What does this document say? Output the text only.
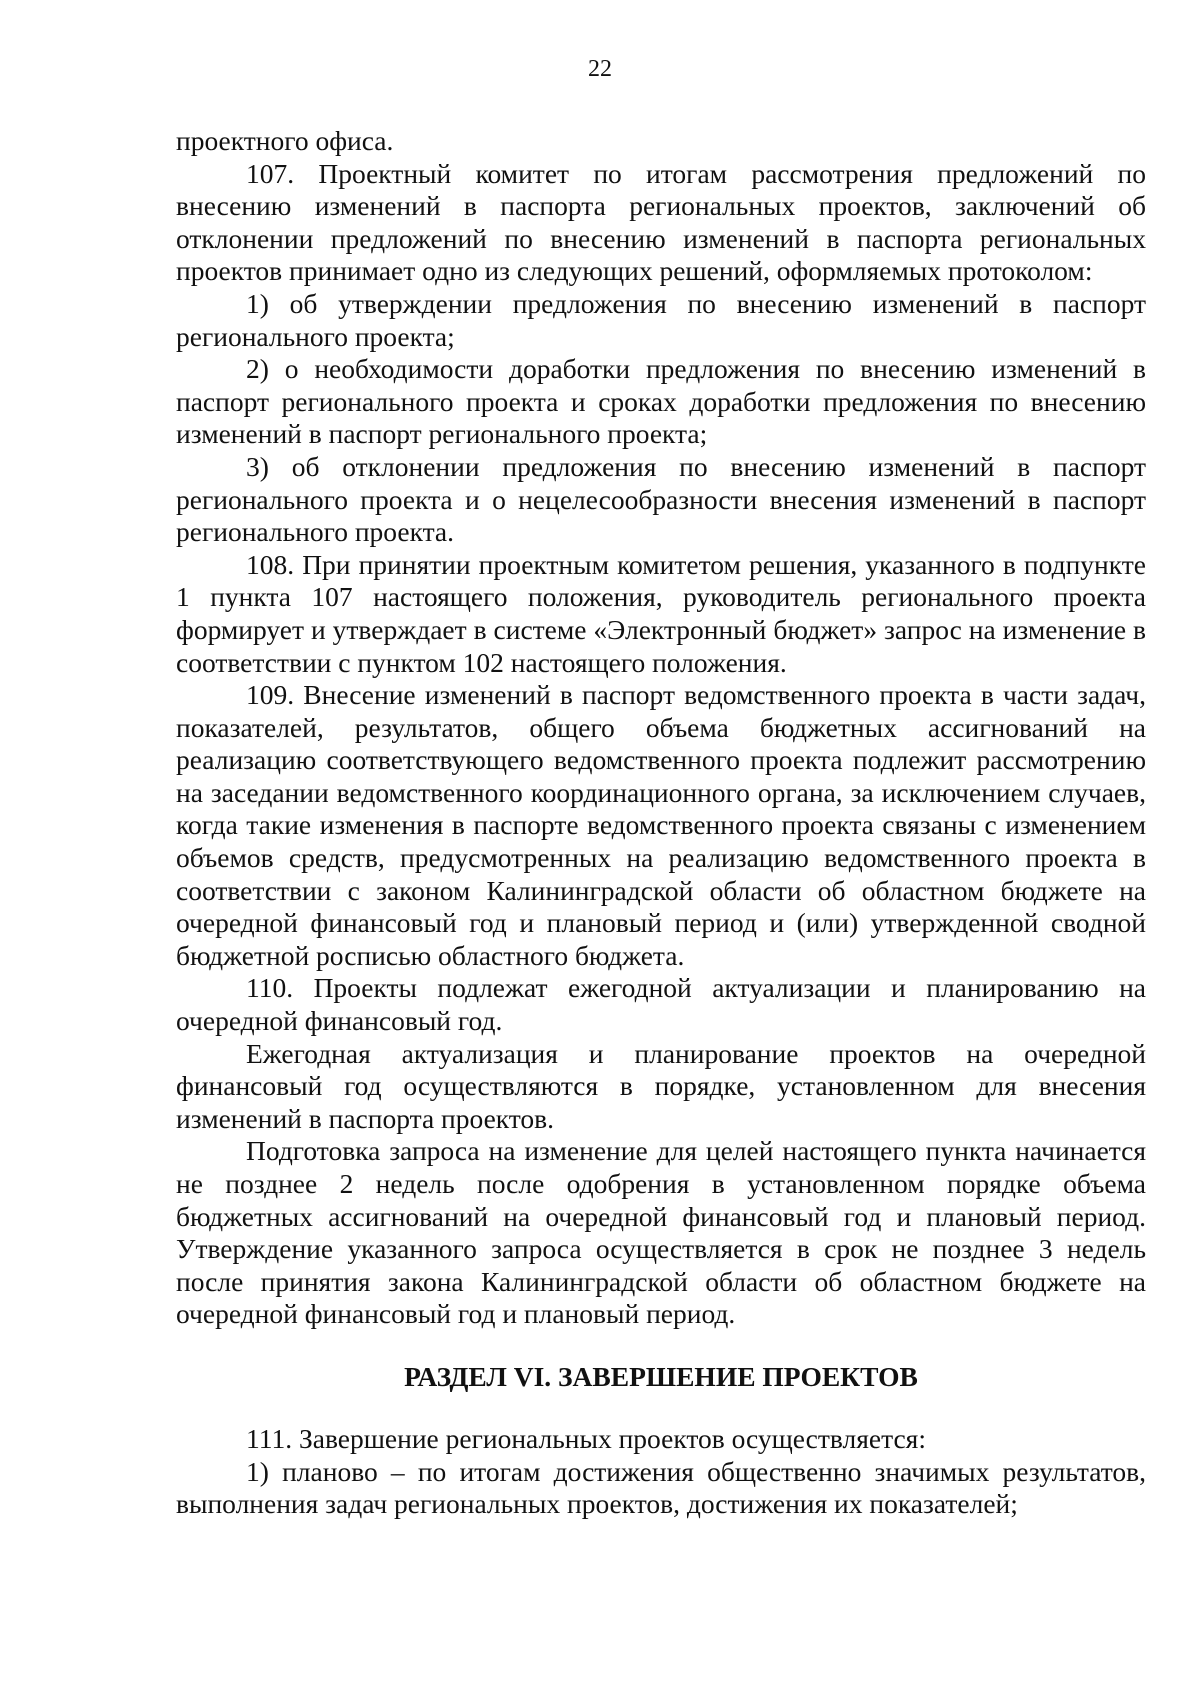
22

проектного офиса.

107. Проектный комитет по итогам рассмотрения предложений по внесению изменений в паспорта региональных проектов, заключений об отклонении предложений по внесению изменений в паспорта региональных проектов принимает одно из следующих решений, оформляемых протоколом:

1) об утверждении предложения по внесению изменений в паспорт регионального проекта;

2) о необходимости доработки предложения по внесению изменений в паспорт регионального проекта и сроках доработки предложения по внесению изменений в паспорт регионального проекта;

3) об отклонении предложения по внесению изменений в паспорт регионального проекта и о нецелесообразности внесения изменений в паспорт регионального проекта.

108. При принятии проектным комитетом решения, указанного в подпункте 1 пункта 107 настоящего положения, руководитель регионального проекта формирует и утверждает в системе «Электронный бюджет» запрос на изменение в соответствии с пунктом 102 настоящего положения.

109. Внесение изменений в паспорт ведомственного проекта в части задач, показателей, результатов, общего объема бюджетных ассигнований на реализацию соответствующего ведомственного проекта подлежит рассмотрению на заседании ведомственного координационного органа, за исключением случаев, когда такие изменения в паспорте ведомственного проекта связаны с изменением объемов средств, предусмотренных на реализацию ведомственного проекта в соответствии с законом Калининградской области об областном бюджете на очередной финансовый год и плановый период и (или) утвержденной сводной бюджетной росписью областного бюджета.

110. Проекты подлежат ежегодной актуализации и планированию на очередной финансовый год.

Ежегодная актуализация и планирование проектов на очередной финансовый год осуществляются в порядке, установленном для внесения изменений в паспорта проектов.

Подготовка запроса на изменение для целей настоящего пункта начинается не позднее 2 недель после одобрения в установленном порядке объема бюджетных ассигнований на очередной финансовый год и плановый период. Утверждение указанного запроса осуществляется в срок не позднее 3 недель после принятия закона Калининградской области об областном бюджете на очередной финансовый год и плановый период.

РАЗДЕЛ VI. ЗАВЕРШЕНИЕ ПРОЕКТОВ

111. Завершение региональных проектов осуществляется:

1) планово – по итогам достижения общественно значимых результатов, выполнения задач региональных проектов, достижения их показателей;
